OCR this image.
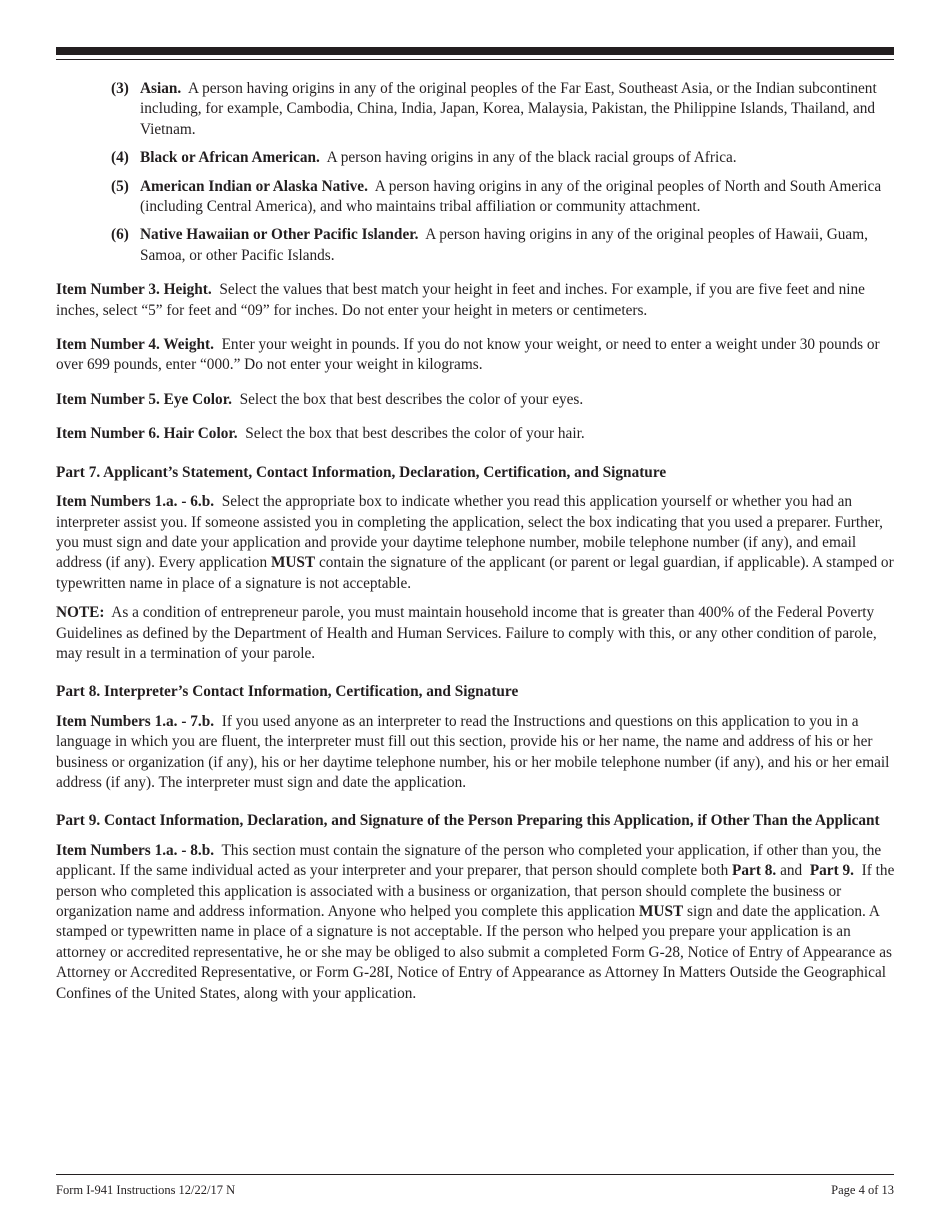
(3) Asian. A person having origins in any of the original peoples of the Far East, Southeast Asia, or the Indian subcontinent including, for example, Cambodia, China, India, Japan, Korea, Malaysia, Pakistan, the Philippine Islands, Thailand, and Vietnam.

(4) Black or African American. A person having origins in any of the black racial groups of Africa.

(5) American Indian or Alaska Native. A person having origins in any of the original peoples of North and South America (including Central America), and who maintains tribal affiliation or community attachment.

(6) Native Hawaiian or Other Pacific Islander. A person having origins in any of the original peoples of Hawaii, Guam, Samoa, or other Pacific Islands.

Item Number 3. Height. Select the values that best match your height in feet and inches. For example, if you are five feet and nine inches, select “5” for feet and “09” for inches. Do not enter your height in meters or centimeters.

Item Number 4. Weight. Enter your weight in pounds. If you do not know your weight, or need to enter a weight under 30 pounds or over 699 pounds, enter “000.” Do not enter your weight in kilograms.

Item Number 5. Eye Color. Select the box that best describes the color of your eyes.

Item Number 6. Hair Color. Select the box that best describes the color of your hair.

Part 7. Applicant’s Statement, Contact Information, Declaration, Certification, and Signature

Item Numbers 1.a. - 6.b. Select the appropriate box to indicate whether you read this application yourself or whether you had an interpreter assist you. If someone assisted you in completing the application, select the box indicating that you used a preparer. Further, you must sign and date your application and provide your daytime telephone number, mobile telephone number (if any), and email address (if any). Every application MUST contain the signature of the applicant (or parent or legal guardian, if applicable). A stamped or typewritten name in place of a signature is not acceptable.

NOTE: As a condition of entrepreneur parole, you must maintain household income that is greater than 400% of the Federal Poverty Guidelines as defined by the Department of Health and Human Services. Failure to comply with this, or any other condition of parole, may result in a termination of your parole.

Part 8. Interpreter’s Contact Information, Certification, and Signature

Item Numbers 1.a. - 7.b. If you used anyone as an interpreter to read the Instructions and questions on this application to you in a language in which you are fluent, the interpreter must fill out this section, provide his or her name, the name and address of his or her business or organization (if any), his or her daytime telephone number, his or her mobile telephone number (if any), and his or her email address (if any). The interpreter must sign and date the application.

Part 9. Contact Information, Declaration, and Signature of the Person Preparing this Application, if Other Than the Applicant

Item Numbers 1.a. - 8.b. This section must contain the signature of the person who completed your application, if other than you, the applicant. If the same individual acted as your interpreter and your preparer, that person should complete both Part 8. and Part 9. If the person who completed this application is associated with a business or organization, that person should complete the business or organization name and address information. Anyone who helped you complete this application MUST sign and date the application. A stamped or typewritten name in place of a signature is not acceptable. If the person who helped you prepare your application is an attorney or accredited representative, he or she may be obliged to also submit a completed Form G-28, Notice of Entry of Appearance as Attorney or Accredited Representative, or Form G-28I, Notice of Entry of Appearance as Attorney In Matters Outside the Geographical Confines of the United States, along with your application.

Form I-941 Instructions 12/22/17 N	Page 4 of 13
